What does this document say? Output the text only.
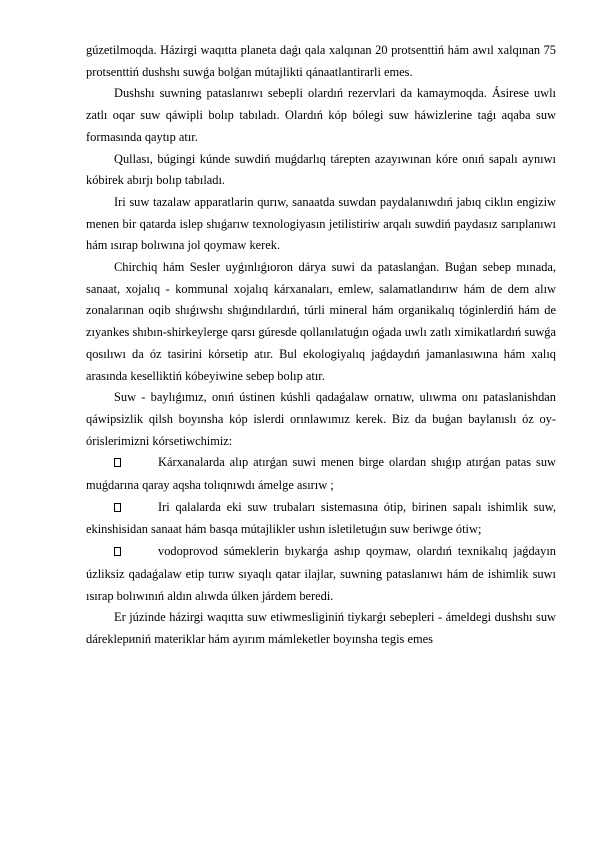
gúzetilmoqda. Házirgi waqıtta planeta daǵı qala xalqınan 20 protsenttiń hám awıl xalqınan 75 protsenttiń dushshı suwǵa bolǵan mútajlikti qánaatlantirarli emes.

Dushshı suwning pataslanıwı sebepli olardıń rezervlari da kamaymoqda. Ásirese uwlı zatlı oqar suw qáwipli bolıp tabıladı. Olardıń kóp bólegi suw háwizlerine taǵı aqaba suw formasında qaytıp atır.

Qullası, búgingi kúnde suwdiń muǵdarlıq tárepten azayıwınan kóre onıń sapalı aynıwı kóbirek abırjı bolıp tabıladı.

Iri suw tazalaw apparatlarin qurıw, sanaatda suwdan paydalanıwdıń jabıq ciklın engiziw menen bir qatarda islep shıǵarıw texnologiyasın jetilistiriw arqalı suwdiń paydasız sarıplanıwı hám ısırap bolıwına jol qoymaw kerek.

Chirchiq hám Sesler uyǵınlıǵıoron dárya suwi da pataslanǵan. Buǵan sebep mınada, sanaat, xojalıq - kommunal xojalıq kárxanaları, emlew, salamatlandırıw hám de dem alıw zonalarınan oqib shıǵıwshı shıǵındılardıń, túrli mineral hám organikalıq tóginlerdiń hám de zıyankes shıbın-shirkeylerge qarsı gúresde qollanılatuǵın oǵada uwlı zatlı ximikatlardıń suwǵa qosılıwı da óz tasirini kórsetip atır. Bul ekologiyalıq jaǵdaydıń jamanlasıwına hám xalıq arasında keselliktiń kóbeyiwine sebep bolıp atır.

Suw - baylıǵımız, onıń ústinen kúshli qadaǵalaw ornatıw, ulıwma onı pataslanishdan qáwipsizlik qilsh boyınsha kóp islerdi orınlawımız kerek. Biz da buǵan baylanıslı óz oy-órislerimizni kórsetiwchimiz:

Kárxanalarda alıp atırǵan suwi menen birge olardan shıǵıp atırǵan patas suw muǵdarına qaray aqsha tolıqnıwdı ámelge asırıw ;

Iri qalalarda eki suw trubaları sistemasına ótip, birinen sapalı ishimlik suw, ekinshisidan sanaat hám basqa mútajlikler ushın isletiletuǵın suw beriwge ótiw;

vodoprovod súmeklerin bıykarǵa ashıp qoymaw, olardıń texnikalıq jaǵdayın úzliksiz qadaǵalaw etip turıw sıyaqlı qatar ilajlar, suwning pataslanıwı hám de ishimlik suwı ısırap bolıwınıń aldın alıwda úlken járdem beredi.

Er júzinde házirgi waqıtta suw etiwmesliginiń tiykarǵı sebepleri - ámeldegi dushshı suw dáreklериniń materiklar hám ayırım mámleketler boyınsha tegis emes
